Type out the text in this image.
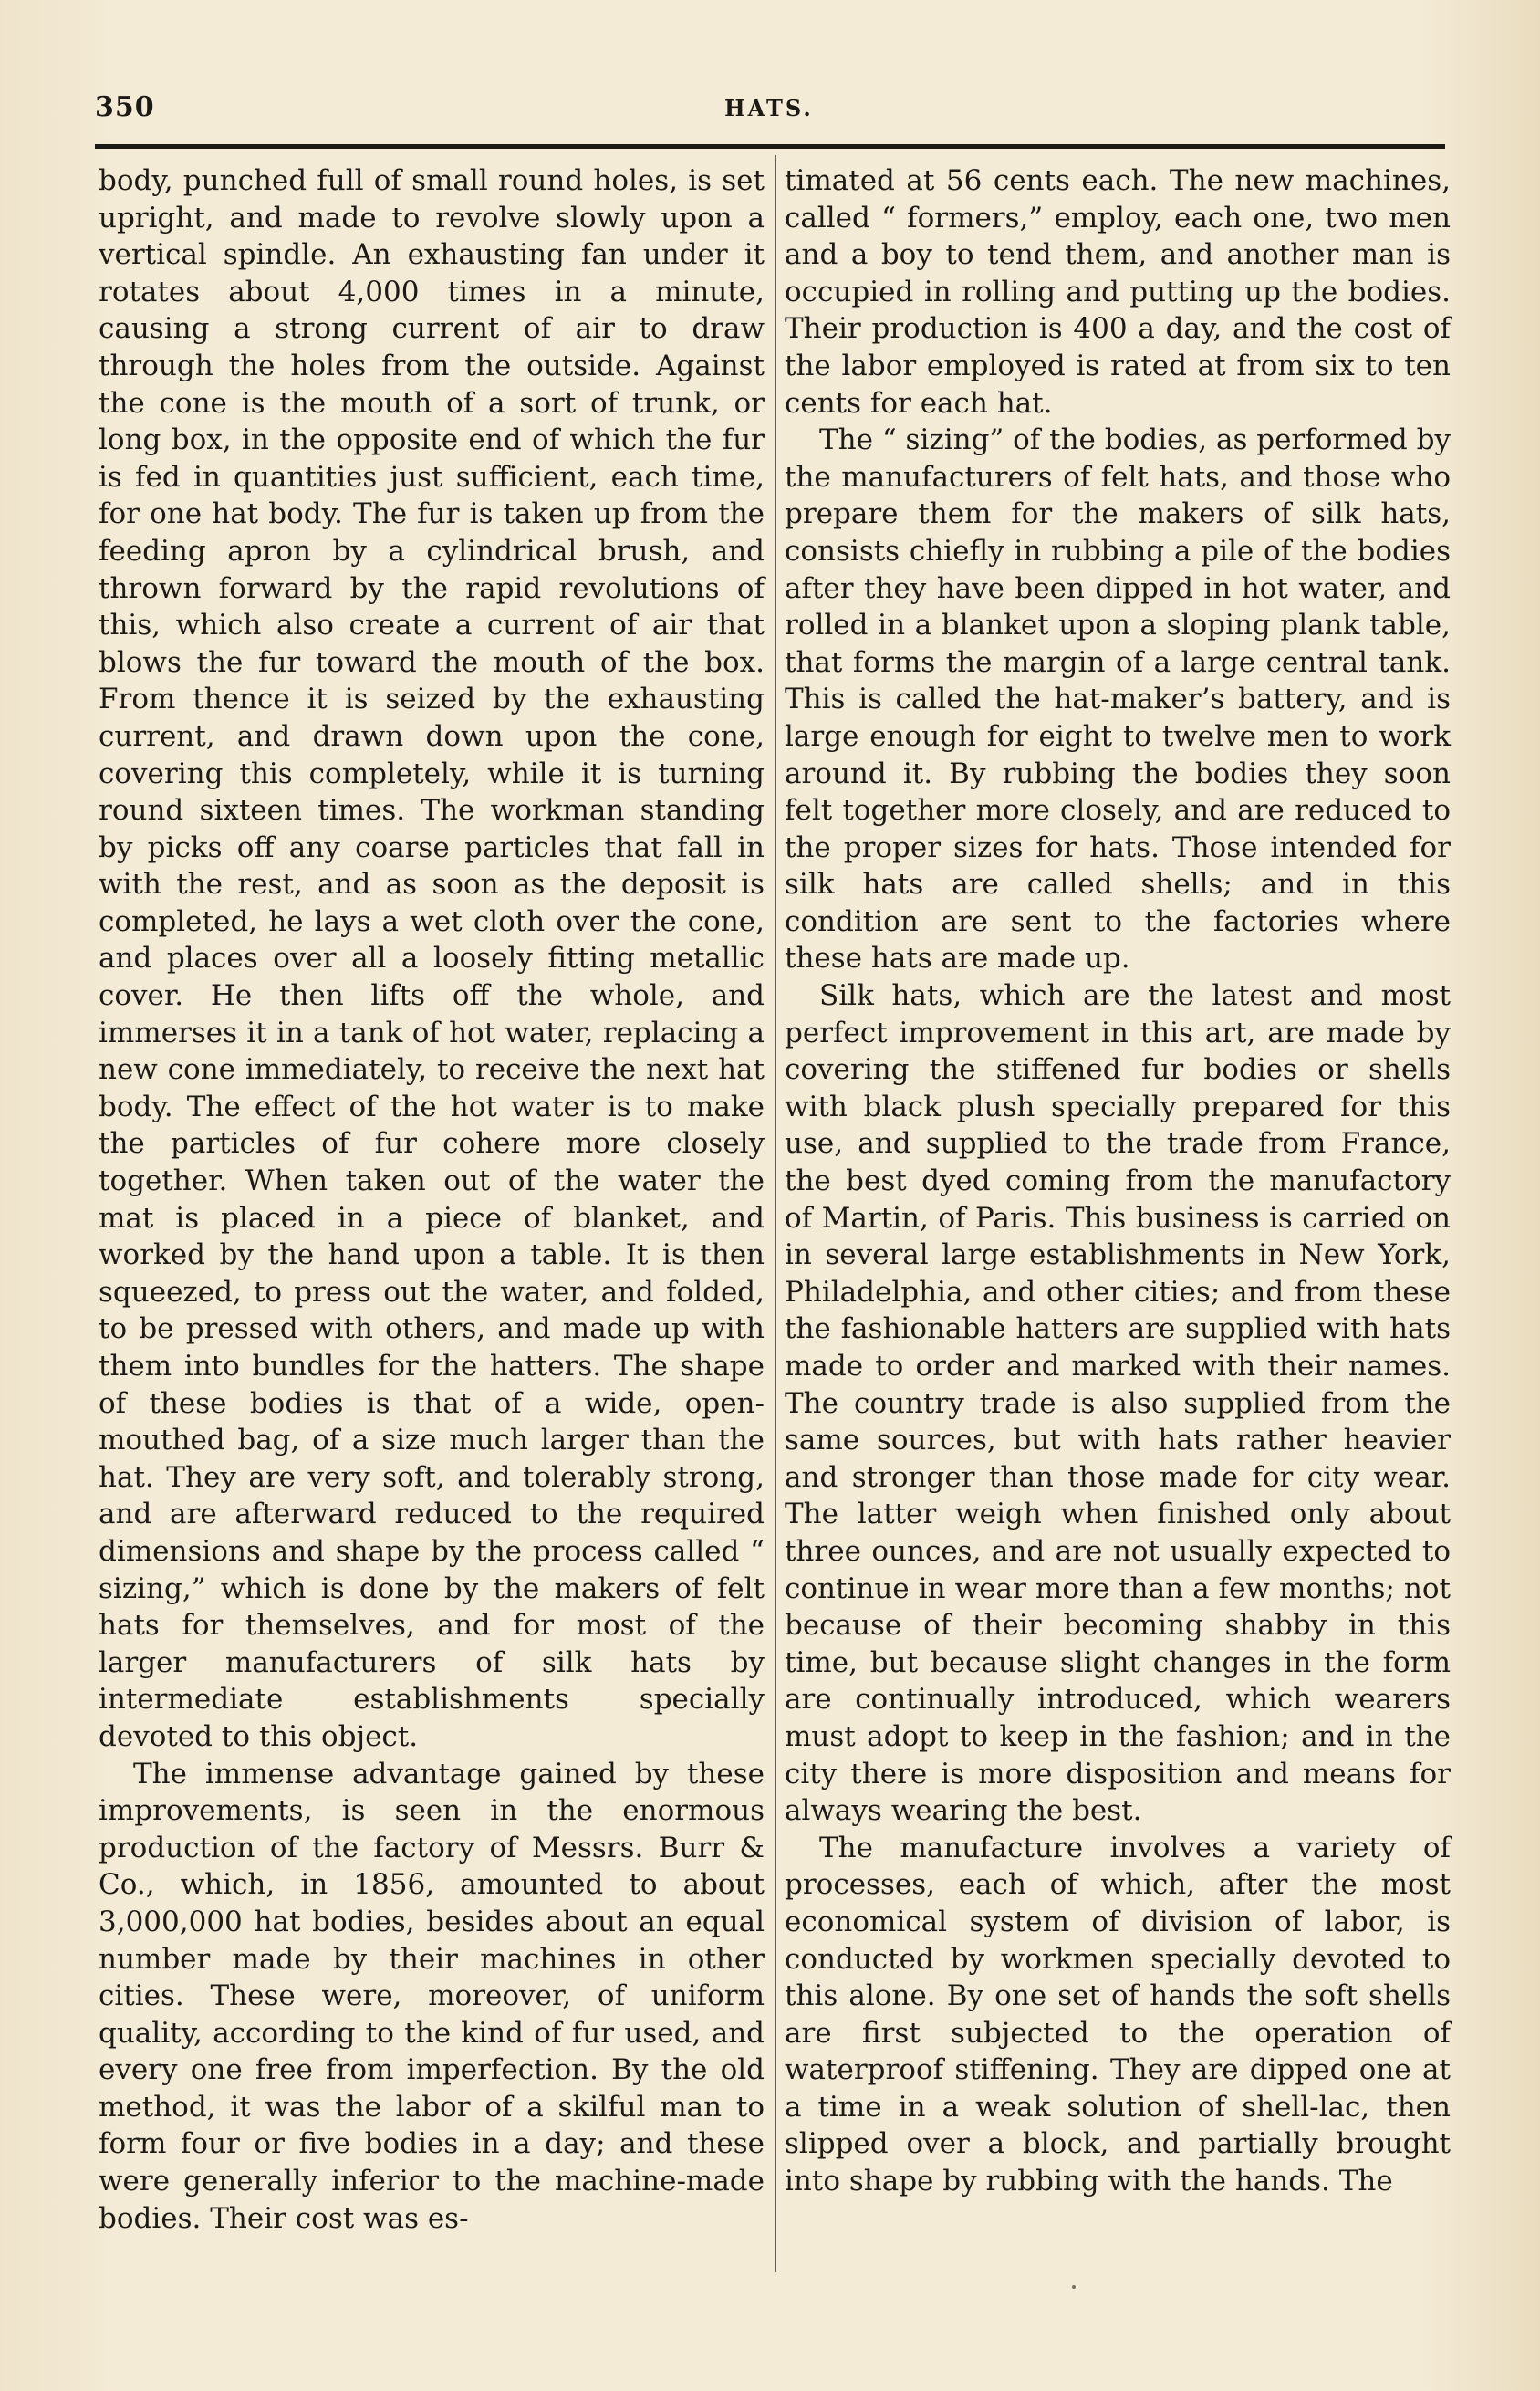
350	HATS.

body, punched full of small round holes, is set upright, and made to revolve slowly upon a vertical spindle. An exhausting fan under it rotates about 4,000 times in a minute, causing a strong current of air to draw through the holes from the outside. Against the cone is the mouth of a sort of trunk, or long box, in the opposite end of which the fur is fed in quantities just sufficient, each time, for one hat body. The fur is taken up from the feeding apron by a cylindrical brush, and thrown forward by the rapid revolutions of this, which also create a current of air that blows the fur toward the mouth of the box. From thence it is seized by the exhausting current, and drawn down upon the cone, covering this completely, while it is turning round sixteen times. The workman standing by picks off any coarse particles that fall in with the rest, and as soon as the deposit is completed, he lays a wet cloth over the cone, and places over all a loosely fitting metallic cover. He then lifts off the whole, and immerses it in a tank of hot water, replacing a new cone immediately, to receive the next hat body. The effect of the hot water is to make the particles of fur cohere more closely together. When taken out of the water the mat is placed in a piece of blanket, and worked by the hand upon a table. It is then squeezed, to press out the water, and folded, to be pressed with others, and made up with them into bundles for the hatters. The shape of these bodies is that of a wide, open-mouthed bag, of a size much larger than the hat. They are very soft, and tolerably strong, and are afterward reduced to the required dimensions and shape by the process called “ sizing,” which is done by the makers of felt hats for themselves, and for most of the larger manufacturers of silk hats by intermediate establishments specially devoted to this object.

The immense advantage gained by these improvements, is seen in the enormous production of the factory of Messrs. Burr & Co., which, in 1856, amounted to about 3,000,000 hat bodies, besides about an equal number made by their machines in other cities. These were, moreover, of uniform quality, according to the kind of fur used, and every one free from imperfection. By the old method, it was the labor of a skilful man to form four or five bodies in a day; and these were generally inferior to the machine-made bodies. Their cost was es-

timated at 56 cents each. The new machines, called “ formers,” employ, each one, two men and a boy to tend them, and another man is occupied in rolling and putting up the bodies. Their production is 400 a day, and the cost of the labor employed is rated at from six to ten cents for each hat.

The “ sizing” of the bodies, as performed by the manufacturers of felt hats, and those who prepare them for the makers of silk hats, consists chiefly in rubbing a pile of the bodies after they have been dipped in hot water, and rolled in a blanket upon a sloping plank table, that forms the margin of a large central tank. This is called the hat-maker’s battery, and is large enough for eight to twelve men to work around it. By rubbing the bodies they soon felt together more closely, and are reduced to the proper sizes for hats. Those intended for silk hats are called shells; and in this condition are sent to the factories where these hats are made up.

Silk hats, which are the latest and most perfect improvement in this art, are made by covering the stiffened fur bodies or shells with black plush specially prepared for this use, and supplied to the trade from France, the best dyed coming from the manufactory of Martin, of Paris. This business is carried on in several large establishments in New York, Philadelphia, and other cities; and from these the fashionable hatters are supplied with hats made to order and marked with their names. The country trade is also supplied from the same sources, but with hats rather heavier and stronger than those made for city wear. The latter weigh when finished only about three ounces, and are not usually expected to continue in wear more than a few months; not because of their becoming shabby in this time, but because slight changes in the form are continually introduced, which wearers must adopt to keep in the fashion; and in the city there is more disposition and means for always wearing the best.

The manufacture involves a variety of processes, each of which, after the most economical system of division of labor, is conducted by workmen specially devoted to this alone. By one set of hands the soft shells are first subjected to the operation of waterproof stiffening. They are dipped one at a time in a weak solution of shell-lac, then slipped over a block, and partially brought into shape by rubbing with the hands. The
